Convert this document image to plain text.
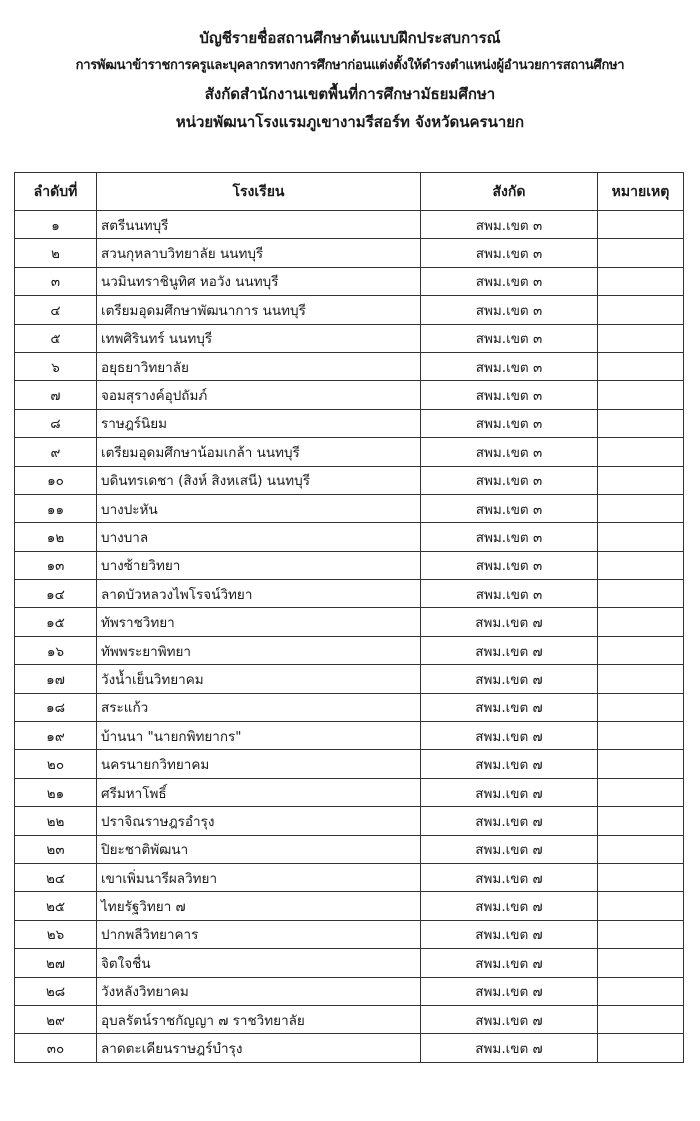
บัญชีรายชื่อสถานศึกษาต้นแบบฝึกประสบการณ์
การพัฒนาข้าราชการครูและบุคลากรทางการศึกษาก่อนแต่งตั้งให้ดำรงตำแหน่งผู้อำนวยการสถานศึกษา
สังกัดสำนักงานเขตพื้นที่การศึกษามัธยมศึกษา
หน่วยพัฒนาโรงแรมภูเขางามรีสอร์ท จังหวัดนครนายก
ลำดับที่	โรงเรียน	สังกัด	หมายเหตุ
๑	สตรีนนทบุรี	สพม.เขต ๓	
๒	สวนกุหลาบวิทยาลัย นนทบุรี	สพม.เขต ๓	
๓	นวมินทราชินูทิศ หอวัง นนทบุรี	สพม.เขต ๓	
๔	เตรียมอุดมศึกษาพัฒนาการ นนทบุรี	สพม.เขต ๓	
๕	เทพศิรินทร์ นนทบุรี	สพม.เขต ๓	
๖	อยุธยาวิทยาลัย	สพม.เขต ๓	
๗	จอมสุรางค์อุปถัมภ์	สพม.เขต ๓	
๘	ราษฎร์นิยม	สพม.เขต ๓	
๙	เตรียมอุดมศึกษาน้อมเกล้า นนทบุรี	สพม.เขต ๓	
๑๐	บดินทรเดชา (สิงห์ สิงหเสนี) นนทบุรี	สพม.เขต ๓	
๑๑	บางปะหัน	สพม.เขต ๓	
๑๒	บางบาล	สพม.เขต ๓	
๑๓	บางซ้ายวิทยา	สพม.เขต ๓	
๑๔	ลาดบัวหลวงไพโรจน์วิทยา	สพม.เขต ๓	
๑๕	ทัพราชวิทยา	สพม.เขต ๗	
๑๖	ทัพพระยาพิทยา	สพม.เขต ๗	
๑๗	วังน้ำเย็นวิทยาคม	สพม.เขต ๗	
๑๘	สระแก้ว	สพม.เขต ๗	
๑๙	บ้านนา "นายกพิทยากร"	สพม.เขต ๗	
๒๐	นครนายกวิทยาคม	สพม.เขต ๗	
๒๑	ศรีมหาโพธิ์	สพม.เขต ๗	
๒๒	ปราจิณราษฎรอำรุง	สพม.เขต ๗	
๒๓	ปิยะชาติพัฒนา	สพม.เขต ๗	
๒๔	เขาเพิ่มนารีผลวิทยา	สพม.เขต ๗	
๒๕	ไทยรัฐวิทยา ๗	สพม.เขต ๗	
๒๖	ปากพลีวิทยาคาร	สพม.เขต ๗	
๒๗	จิตใจชื่น	สพม.เขต ๗	
๒๘	วังหลังวิทยาคม	สพม.เขต ๗	
๒๙	อุบลรัตน์ราชกัญญา ๗ ราชวิทยาลัย	สพม.เขต ๗	
๓๐	ลาดตะเคียนราษฎร์บำรุง	สพม.เขต ๗	
